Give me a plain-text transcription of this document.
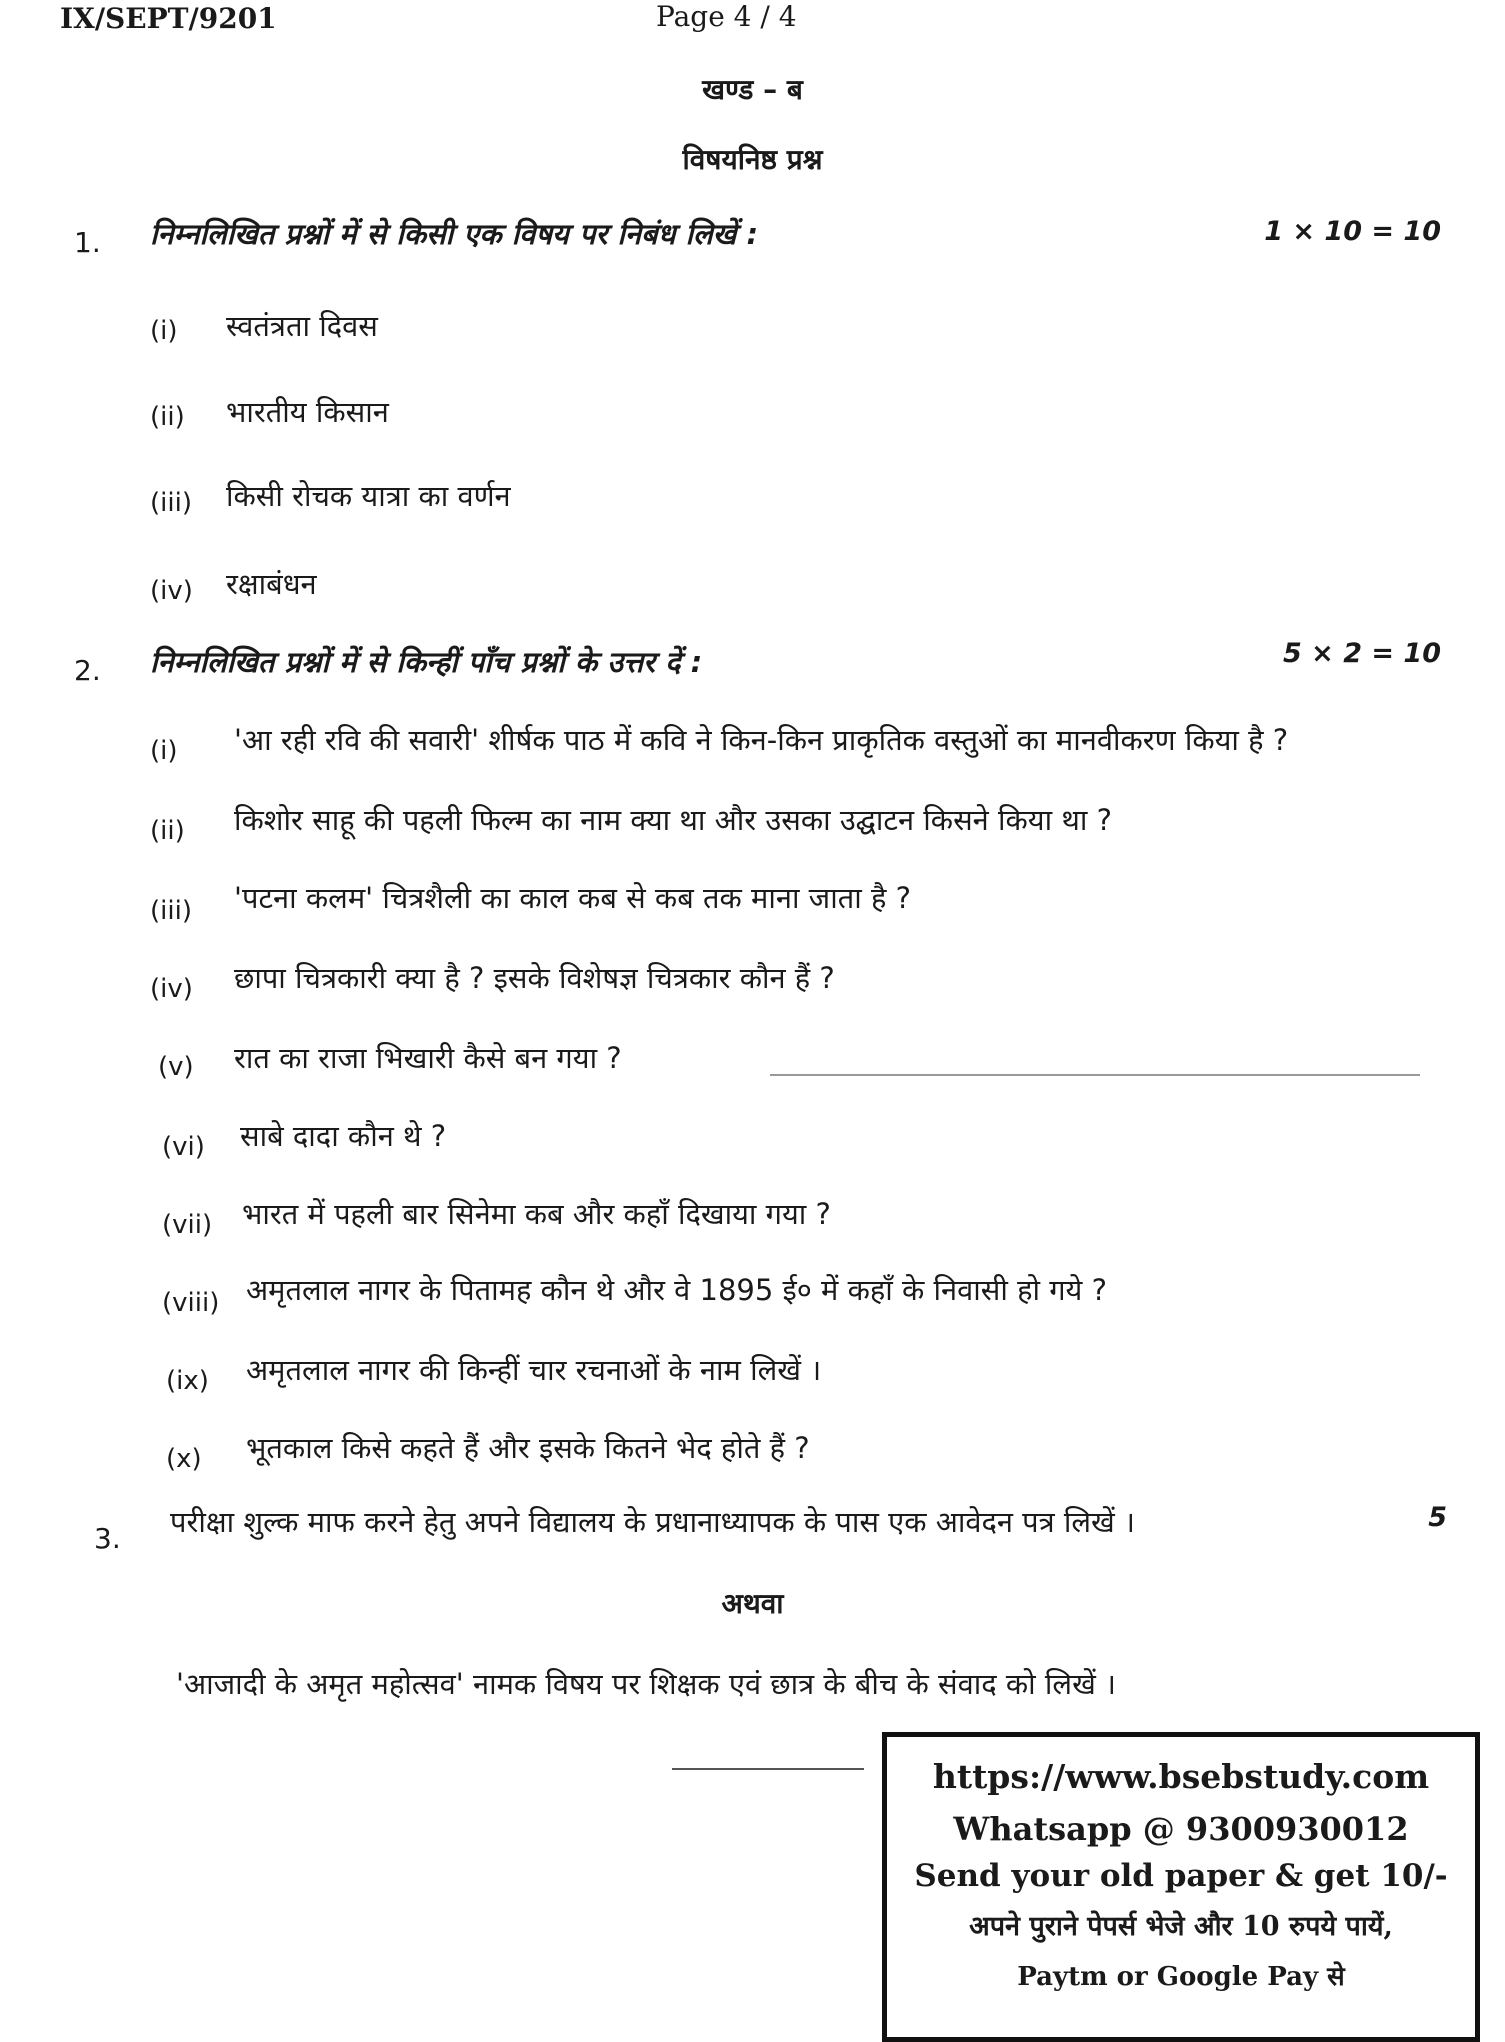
IX/SEPT/9201	Page 4 / 4
खण्ड – ब
विषयनिष्ठ प्रश्न
1. निम्नलिखित प्रश्नों में से किसी एक विषय पर निबंध लिखें :	1 × 10 = 10
(i) स्वतंत्रता दिवस
(ii) भारतीय किसान
(iii) किसी रोचक यात्रा का वर्णन
(iv) रक्षाबंधन
2. निम्नलिखित प्रश्नों में से किन्हीं पाँच प्रश्नों के उत्तर दें :	5 × 2 = 10
(i) 'आ रही रवि की सवारी' शीर्षक पाठ में कवि ने किन-किन प्राकृतिक वस्तुओं का मानवीकरण किया है ?
(ii) किशोर साहू की पहली फिल्म का नाम क्या था और उसका उद्घाटन किसने किया था ?
(iii) 'पटना कलम' चित्रशैली का काल कब से कब तक माना जाता है ?
(iv) छापा चित्रकारी क्या है ? इसके विशेषज्ञ चित्रकार कौन हैं ?
(v) रात का राजा भिखारी कैसे बन गया ?
(vi) साबे दादा कौन थे ?
(vii) भारत में पहली बार सिनेमा कब और कहाँ दिखाया गया ?
(viii) अमृतलाल नागर के पितामह कौन थे और वे 1895 ई० में कहाँ के निवासी हो गये ?
(ix) अमृतलाल नागर की किन्हीं चार रचनाओं के नाम लिखें ।
(x) भूतकाल किसे कहते हैं और इसके कितने भेद होते हैं ?
3. परीक्षा शुल्क माफ करने हेतु अपने विद्यालय के प्रधानाध्यापक के पास एक आवेदन पत्र लिखें ।	5
अथवा
'आजादी के अमृत महोत्सव' नामक विषय पर शिक्षक एवं छात्र के बीच के संवाद को लिखें ।
https://www.bsebstudy.com
Whatsapp @ 9300930012
Send your old paper & get 10/-
अपने पुराने पेपर्स भेजे और 10 रुपये पायें,
Paytm or Google Pay से
